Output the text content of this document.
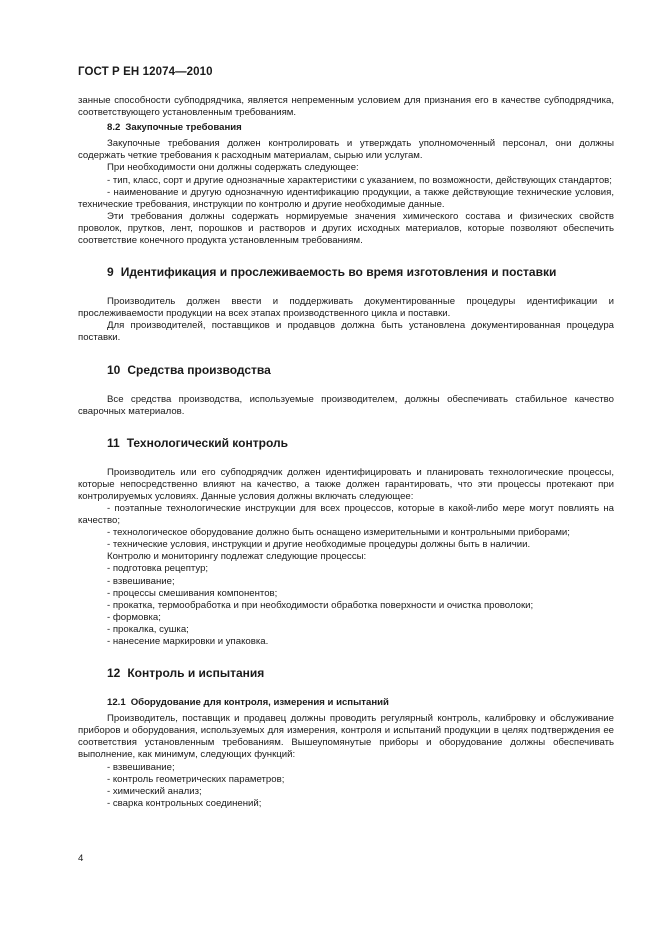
ГОСТ Р ЕН 12074—2010

занные способности субподрядчика, является непременным условием для признания его в качестве субподрядчика, соответствующего установленным требованиям.

8.2 Закупочные требования

Закупочные требования должен контролировать и утверждать уполномоченный персонал, они должны содержать четкие требования к расходным материалам, сырью или услугам.

При необходимости они должны содержать следующее:

- тип, класс, сорт и другие однозначные характеристики с указанием, по возможности, действующих стандартов;

- наименование и другую однозначную идентификацию продукции, а также действующие технические условия, технические требования, инструкции по контролю и другие необходимые данные.

Эти требования должны содержать нормируемые значения химического состава и физических свойств проволок, прутков, лент, порошков и растворов и других исходных материалов, которые позволяют обеспечить соответствие конечного продукта установленным требованиям.

9 Идентификация и прослеживаемость во время изготовления и поставки

Производитель должен ввести и поддерживать документированные процедуры идентификации и прослеживаемости продукции на всех этапах производственного цикла и поставки.

Для производителей, поставщиков и продавцов должна быть установлена документированная процедура поставки.

10 Средства производства

Все средства производства, используемые производителем, должны обеспечивать стабильное качество сварочных материалов.

11 Технологический контроль

Производитель или его субподрядчик должен идентифицировать и планировать технологические процессы, которые непосредственно влияют на качество, а также должен гарантировать, что эти процессы протекают при контролируемых условиях. Данные условия должны включать следующее:

- поэтапные технологические инструкции для всех процессов, которые в какой-либо мере могут повлиять на качество;

- технологическое оборудование должно быть оснащено измерительными и контрольными приборами;

- технические условия, инструкции и другие необходимые процедуры должны быть в наличии.

Контролю и мониторингу подлежат следующие процессы:

- подготовка рецептур;

- взвешивание;

- процессы смешивания компонентов;

- прокатка, термообработка и при необходимости обработка поверхности и очистка проволоки;

- формовка;

- прокалка, сушка;

- нанесение маркировки и упаковка.

12 Контроль и испытания
12.1 Оборудование для контроля, измерения и испытаний

Производитель, поставщик и продавец должны проводить регулярный контроль, калибровку и обслуживание приборов и оборудования, используемых для измерения, контроля и испытаний продукции в целях подтверждения ее соответствия установленным требованиям. Вышеупомянутые приборы и оборудование должны обеспечивать выполнение, как минимум, следующих функций:

- взвешивание;

- контроль геометрических параметров;

- химический анализ;

- сварка контрольных соединений;

4
